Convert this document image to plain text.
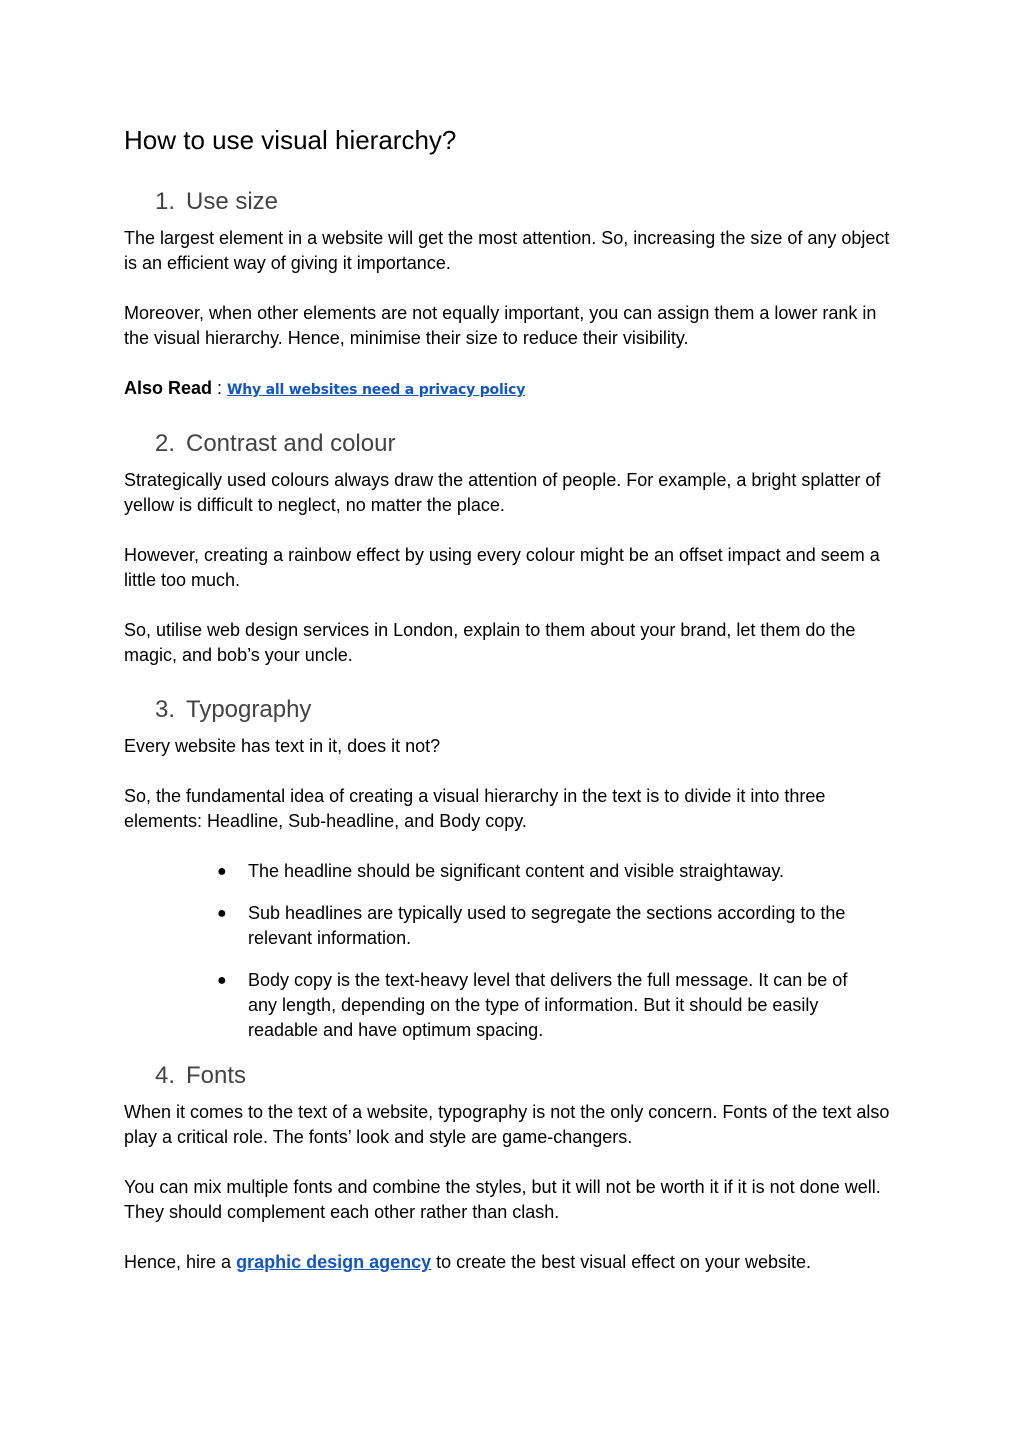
How to use visual hierarchy?
1. Use size

The largest element in a website will get the most attention. So, increasing the size of any object is an efficient way of giving it importance.

Moreover, when other elements are not equally important, you can assign them a lower rank in the visual hierarchy. Hence, minimise their size to reduce their visibility.

Also Read : Why all websites need a privacy policy

2. Contrast and colour

Strategically used colours always draw the attention of people. For example, a bright splatter of yellow is difficult to neglect, no matter the place.

However, creating a rainbow effect by using every colour might be an offset impact and seem a little too much.

So, utilise web design services in London, explain to them about your brand, let them do the magic, and bob’s your uncle.

3. Typography

Every website has text in it, does it not?

So, the fundamental idea of creating a visual hierarchy in the text is to divide it into three elements: Headline, Sub-headline, and Body copy.

● The headline should be significant content and visible straightaway.
● Sub headlines are typically used to segregate the sections according to the relevant information.
● Body copy is the text-heavy level that delivers the full message. It can be of any length, depending on the type of information. But it should be easily readable and have optimum spacing.
4. Fonts

When it comes to the text of a website, typography is not the only concern. Fonts of the text also play a critical role. The fonts’ look and style are game-changers.

You can mix multiple fonts and combine the styles, but it will not be worth it if it is not done well. They should complement each other rather than clash.

Hence, hire a graphic design agency to create the best visual effect on your website.
